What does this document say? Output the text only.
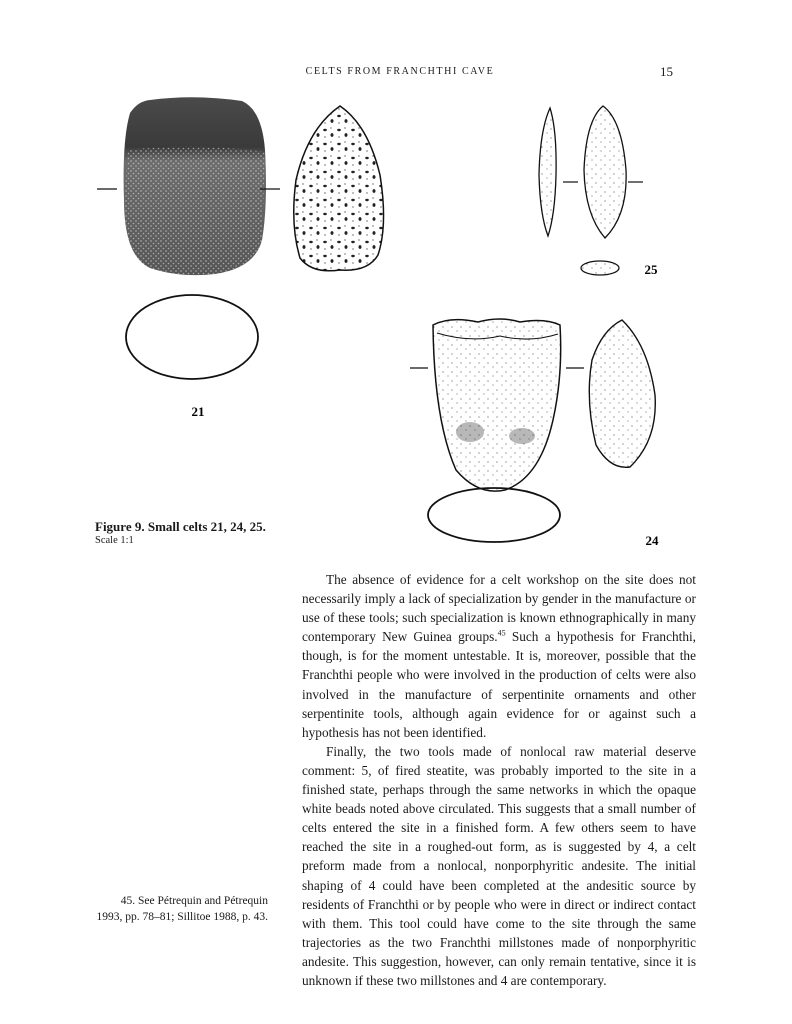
CELTS FROM FRANCHTHI CAVE	15
21
25
24
Figure 9. Small celts 21, 24, 25.
Scale 1:1

The absence of evidence for a celt workshop on the site does not necessarily imply a lack of specialization by gender in the manufacture or use of these tools; such specialization is known ethnographically in many contemporary New Guinea groups.$^{45}$ Such a hypothesis for Franchthi, though, is for the moment untestable. It is, moreover, possible that the Franchthi people who were involved in the production of celts were also involved in the manufacture of serpentinite ornaments and other serpentinite tools, although again evidence for or against such a hypothesis has not been identified.

Finally, the two tools made of nonlocal raw material deserve comment: 5, of fired steatite, was probably imported to the site in a finished state, perhaps through the same networks in which the opaque white beads noted above circulated. This suggests that a small number of celts entered the site in a finished form. A few others seem to have reached the site in a roughed-out form, as is suggested by 4, a celt preform made from a nonlocal, nonporphyritic andesite. The initial shaping of 4 could have been completed at the andesitic source by residents of Franchthi or by people who were in direct or indirect contact with them. This tool could have come to the site through the same trajectories as the two Franchthi millstones made of nonporphyritic andesite. This suggestion, however, can only remain tentative, since it is unknown if these two millstones and 4 are contemporary.

45. See Pétrequin and Pétrequin 1993, pp. 78–81; Sillitoe 1988, p. 43.
